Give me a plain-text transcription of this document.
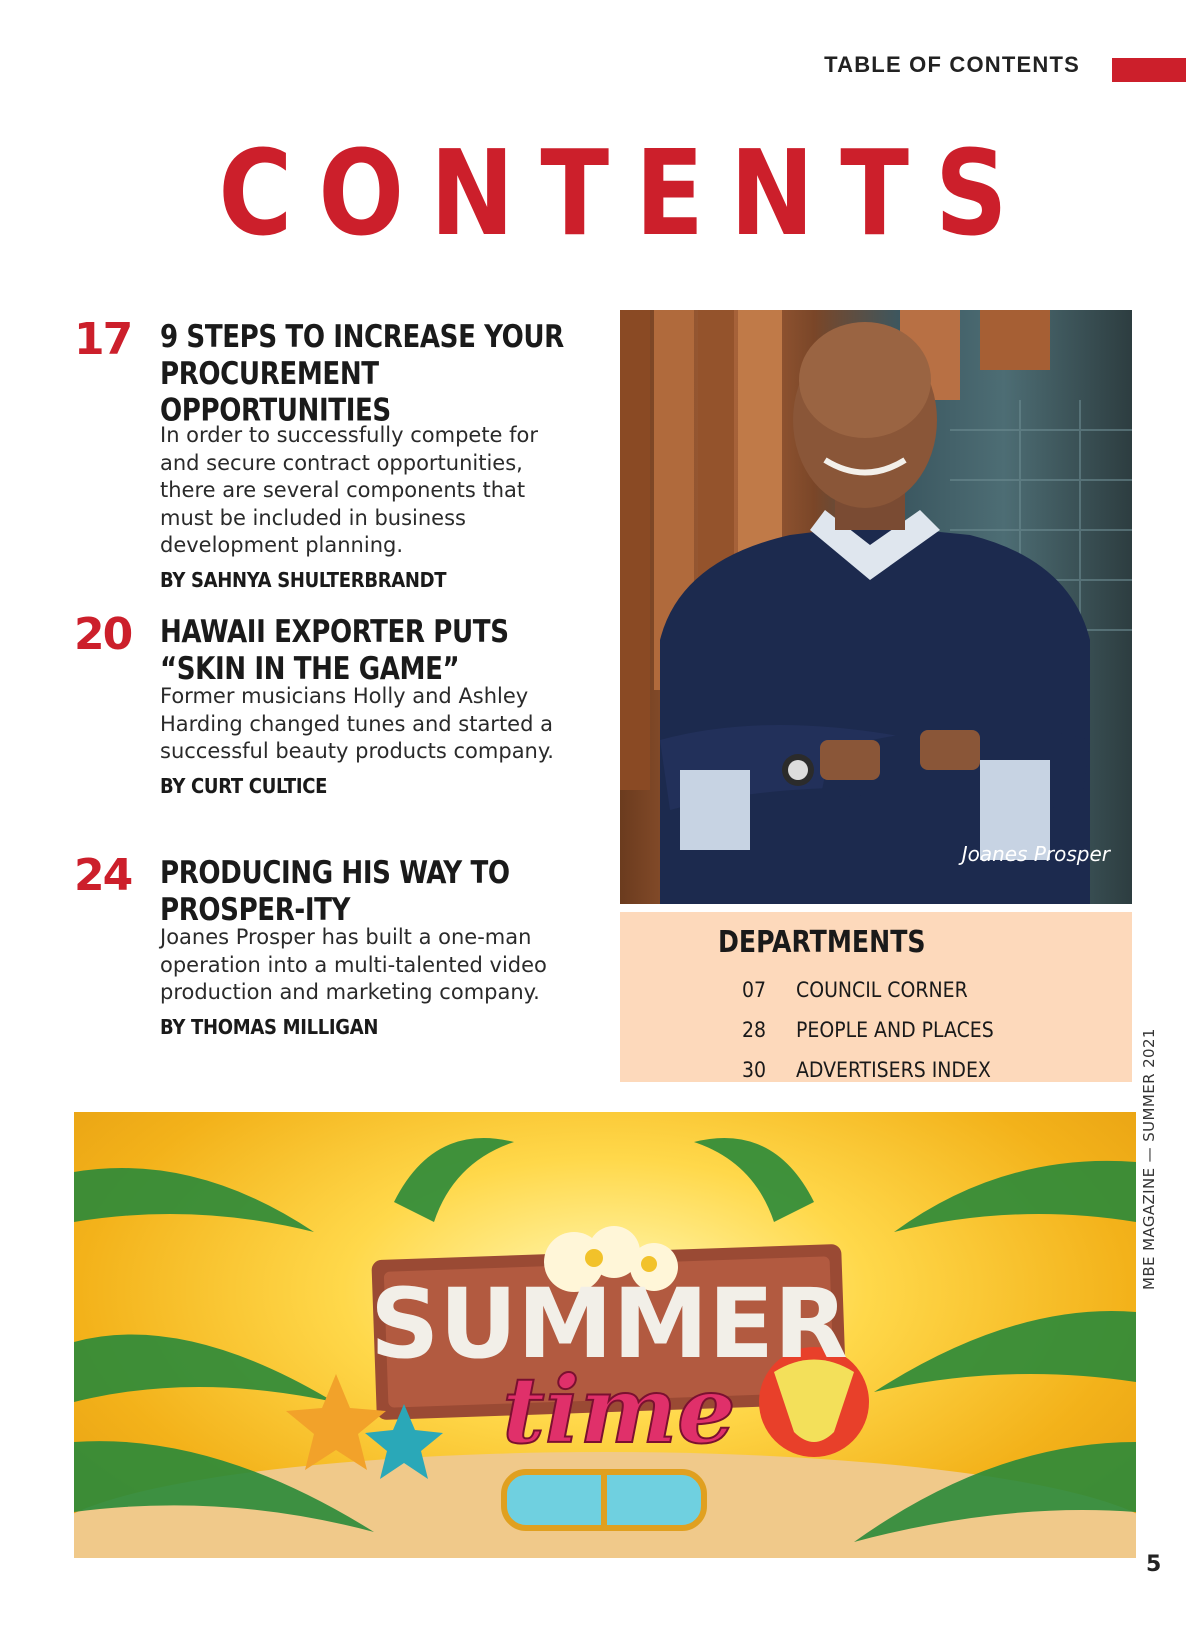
TABLE OF CONTENTS
CONTENTS
17 9 STEPS TO INCREASE YOUR PROCUREMENT OPPORTUNITIES
In order to successfully compete for and secure contract opportunities, there are several components that must be included in business development planning.
BY SAHNYA SHULTERBRANDT
20 HAWAII EXPORTER PUTS “SKIN IN THE GAME”
Former musicians Holly and Ashley Harding changed tunes and started a successful beauty products company.
BY CURT CULTICE
24 PRODUCING HIS WAY TO PROSPER-ITY
Joanes Prosper has built a one-man operation into a multi-talented video production and marketing company.
BY THOMAS MILLIGAN
Joanes Prosper
DEPARTMENTS
07	COUNCIL CORNER
28	PEOPLE AND PLACES
30	ADVERTISERS INDEX
SUMMER
time
MBE MAGAZINE — SUMMER 2021
5
